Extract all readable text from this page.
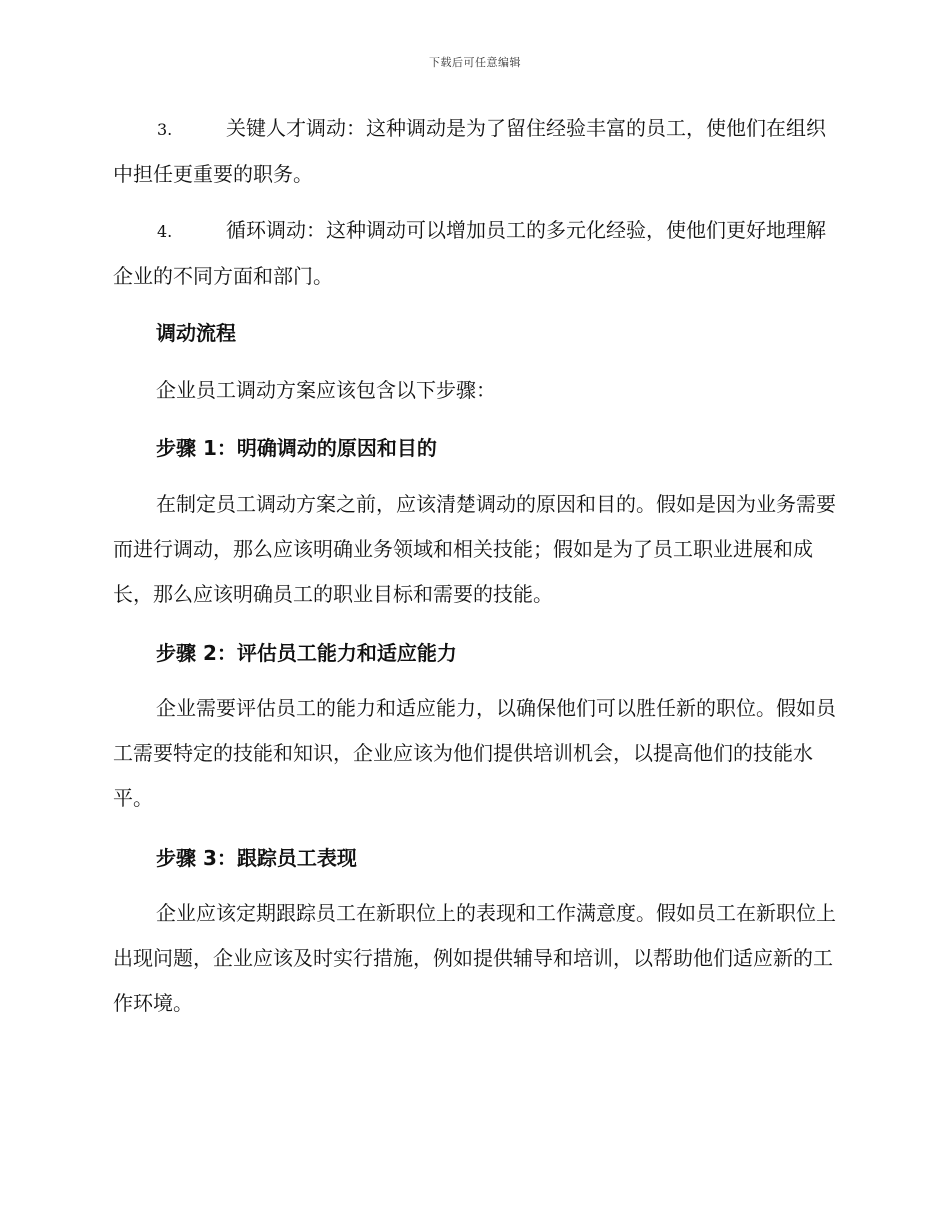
下载后可任意编辑
3.	关键人才调动：这种调动是为了留住经验丰富的员工，使他们在组织中担任更重要的职务。
4.	循环调动：这种调动可以增加员工的多元化经验，使他们更好地理解企业的不同方面和部门。
调动流程
企业员工调动方案应该包含以下步骤：
步骤 1：明确调动的原因和目的
在制定员工调动方案之前，应该清楚调动的原因和目的。假如是因为业务需要而进行调动，那么应该明确业务领域和相关技能；假如是为了员工职业进展和成长，那么应该明确员工的职业目标和需要的技能。
步骤 2：评估员工能力和适应能力
企业需要评估员工的能力和适应能力，以确保他们可以胜任新的职位。假如员工需要特定的技能和知识，企业应该为他们提供培训机会，以提高他们的技能水平。
步骤 3：跟踪员工表现
企业应该定期跟踪员工在新职位上的表现和工作满意度。假如员工在新职位上出现问题，企业应该及时实行措施，例如提供辅导和培训，以帮助他们适应新的工作环境。
